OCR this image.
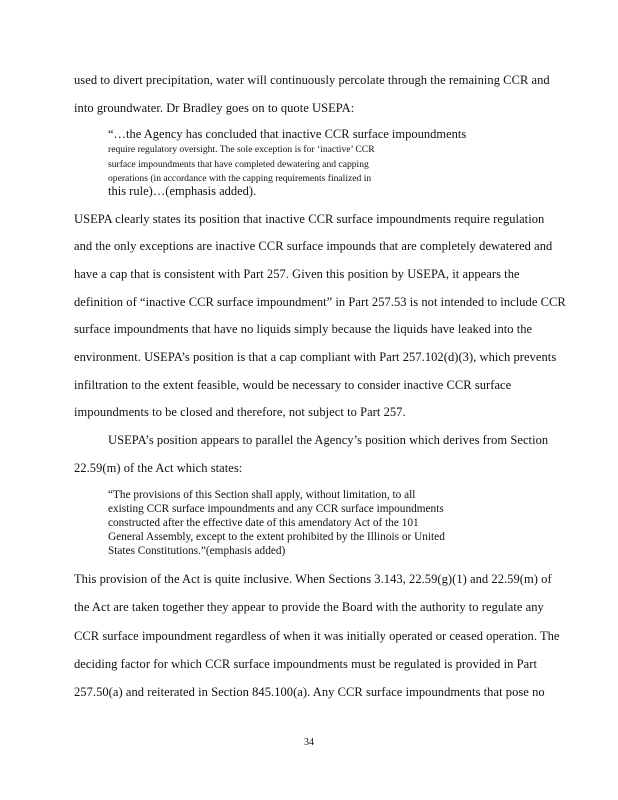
used to divert precipitation, water will continuously percolate through the remaining CCR and
into groundwater. Dr Bradley goes on to quote USEPA:
“…the Agency has concluded that inactive CCR surface impoundments
require regulatory oversight. The sole exception is for ‘inactive’ CCR
surface impoundments that have completed dewatering and capping
operations (in accordance with the capping requirements finalized in
this rule)…(emphasis added).
USEPA clearly states its position that inactive CCR surface impoundments require regulation
and the only exceptions are inactive CCR surface impounds that are completely dewatered and
have a cap that is consistent with Part 257. Given this position by USEPA, it appears the
definition of “inactive CCR surface impoundment” in Part 257.53 is not intended to include CCR
surface impoundments that have no liquids simply because the liquids have leaked into the
environment. USEPA’s position is that a cap compliant with Part 257.102(d)(3), which prevents
infiltration to the extent feasible, would be necessary to consider inactive CCR surface
impoundments to be closed and therefore, not subject to Part 257.
USEPA’s position appears to parallel the Agency’s position which derives from Section
22.59(m) of the Act which states:
“The provisions of this Section shall apply, without limitation, to all
existing CCR surface impoundments and any CCR surface impoundments
constructed after the effective date of this amendatory Act of the 101
General Assembly, except to the extent prohibited by the Illinois or United
States Constitutions.”(emphasis added)
This provision of the Act is quite inclusive. When Sections 3.143, 22.59(g)(1) and 22.59(m) of
the Act are taken together they appear to provide the Board with the authority to regulate any
CCR surface impoundment regardless of when it was initially operated or ceased operation. The
deciding factor for which CCR surface impoundments must be regulated is provided in Part
257.50(a) and reiterated in Section 845.100(a). Any CCR surface impoundments that pose no
34
